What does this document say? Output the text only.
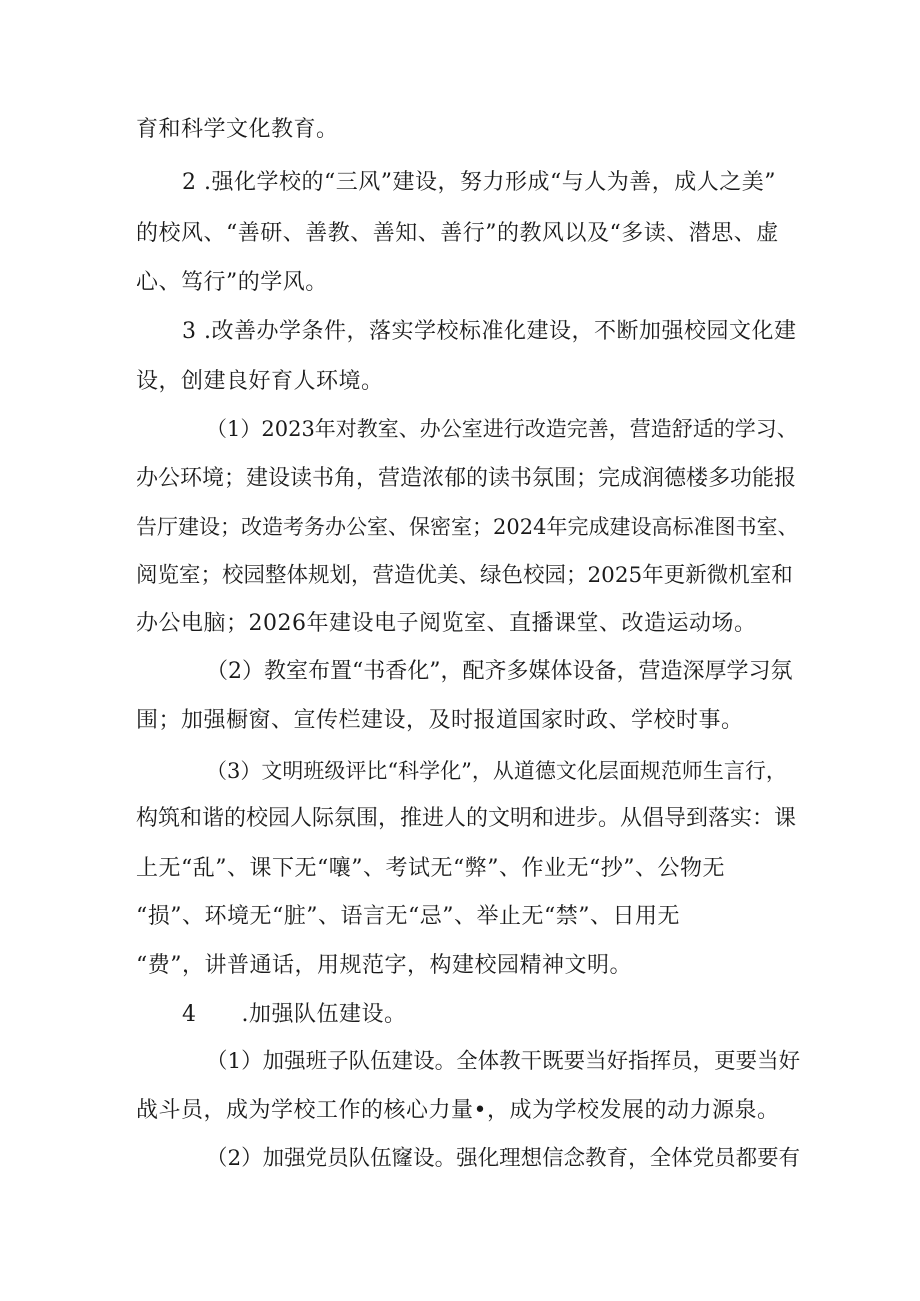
育和科学文化教育。
2 .强化学校的“三风”建设，努力形成“与人为善，成人之美”
的校风、“善研、善教、善知、善行”的教风以及“多读、潜思、虚
心、笃行”的学风。
3 .改善办学条件，落实学校标准化建设，不断加强校园文化建
设，创建良好育人环境。
（1）2023年对教室、办公室进行改造完善，营造舒适的学习、
办公环境；建设读书角，营造浓郁的读书氛围；完成润德楼多功能报
告厅建设；改造考务办公室、保密室；2024年完成建设高标准图书室、
阅览室；校园整体规划，营造优美、绿色校园；2025年更新微机室和
办公电脑；2026年建设电子阅览室、直播课堂、改造运动场。
（2）教室布置“书香化”，配齐多媒体设备，营造深厚学习氛
围；加强橱窗、宣传栏建设，及时报道国家时政、学校时事。
（3）文明班级评比“科学化”，从道德文化层面规范师生言行，
构筑和谐的校园人际氛围，推进人的文明和进步。从倡导到落实：课
上无“乱”、课下无“嚷”、考试无“弊”、作业无“抄”、公物无
“损”、环境无“脏”、语言无“忌”、举止无“禁”、日用无
“费”，讲普通话，用规范字，构建校园精神文明。
4　　.加强队伍建设。
（1）加强班子队伍建设。全体教干既要当好指挥员，更要当好
战斗员，成为学校工作的核心力量•，成为学校发展的动力源泉。
（2）加强党员队伍窿设。强化理想信念教育，全体党员都要有
